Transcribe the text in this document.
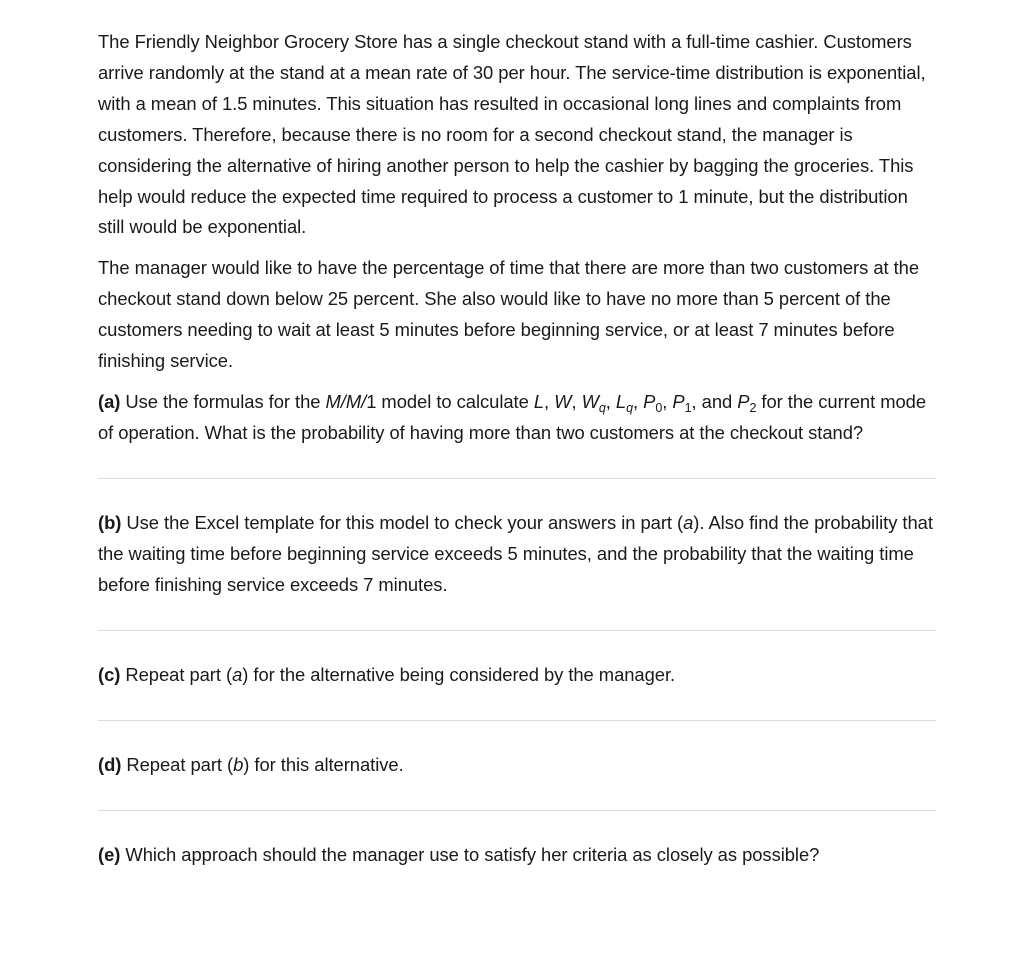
The Friendly Neighbor Grocery Store has a single checkout stand with a full-time cashier. Customers arrive randomly at the stand at a mean rate of 30 per hour. The service-time distribution is exponential, with a mean of 1.5 minutes. This situation has resulted in occasional long lines and complaints from customers. Therefore, because there is no room for a second checkout stand, the manager is considering the alternative of hiring another person to help the cashier by bagging the groceries. This help would reduce the expected time required to process a customer to 1 minute, but the distribution still would be exponential.

The manager would like to have the percentage of time that there are more than two customers at the checkout stand down below 25 percent. She also would like to have no more than 5 percent of the customers needing to wait at least 5 minutes before beginning service, or at least 7 minutes before finishing service.

(a) Use the formulas for the M/M/1 model to calculate L, W, $W_q$, $L_q$, $P_0$, $P_1$, and $P_2$ for the current mode of operation. What is the probability of having more than two customers at the checkout stand?

(b) Use the Excel template for this model to check your answers in part (a). Also find the probability that the waiting time before beginning service exceeds 5 minutes, and the probability that the waiting time before finishing service exceeds 7 minutes.

(c) Repeat part (a) for the alternative being considered by the manager.

(d) Repeat part (b) for this alternative.

(e) Which approach should the manager use to satisfy her criteria as closely as possible?
